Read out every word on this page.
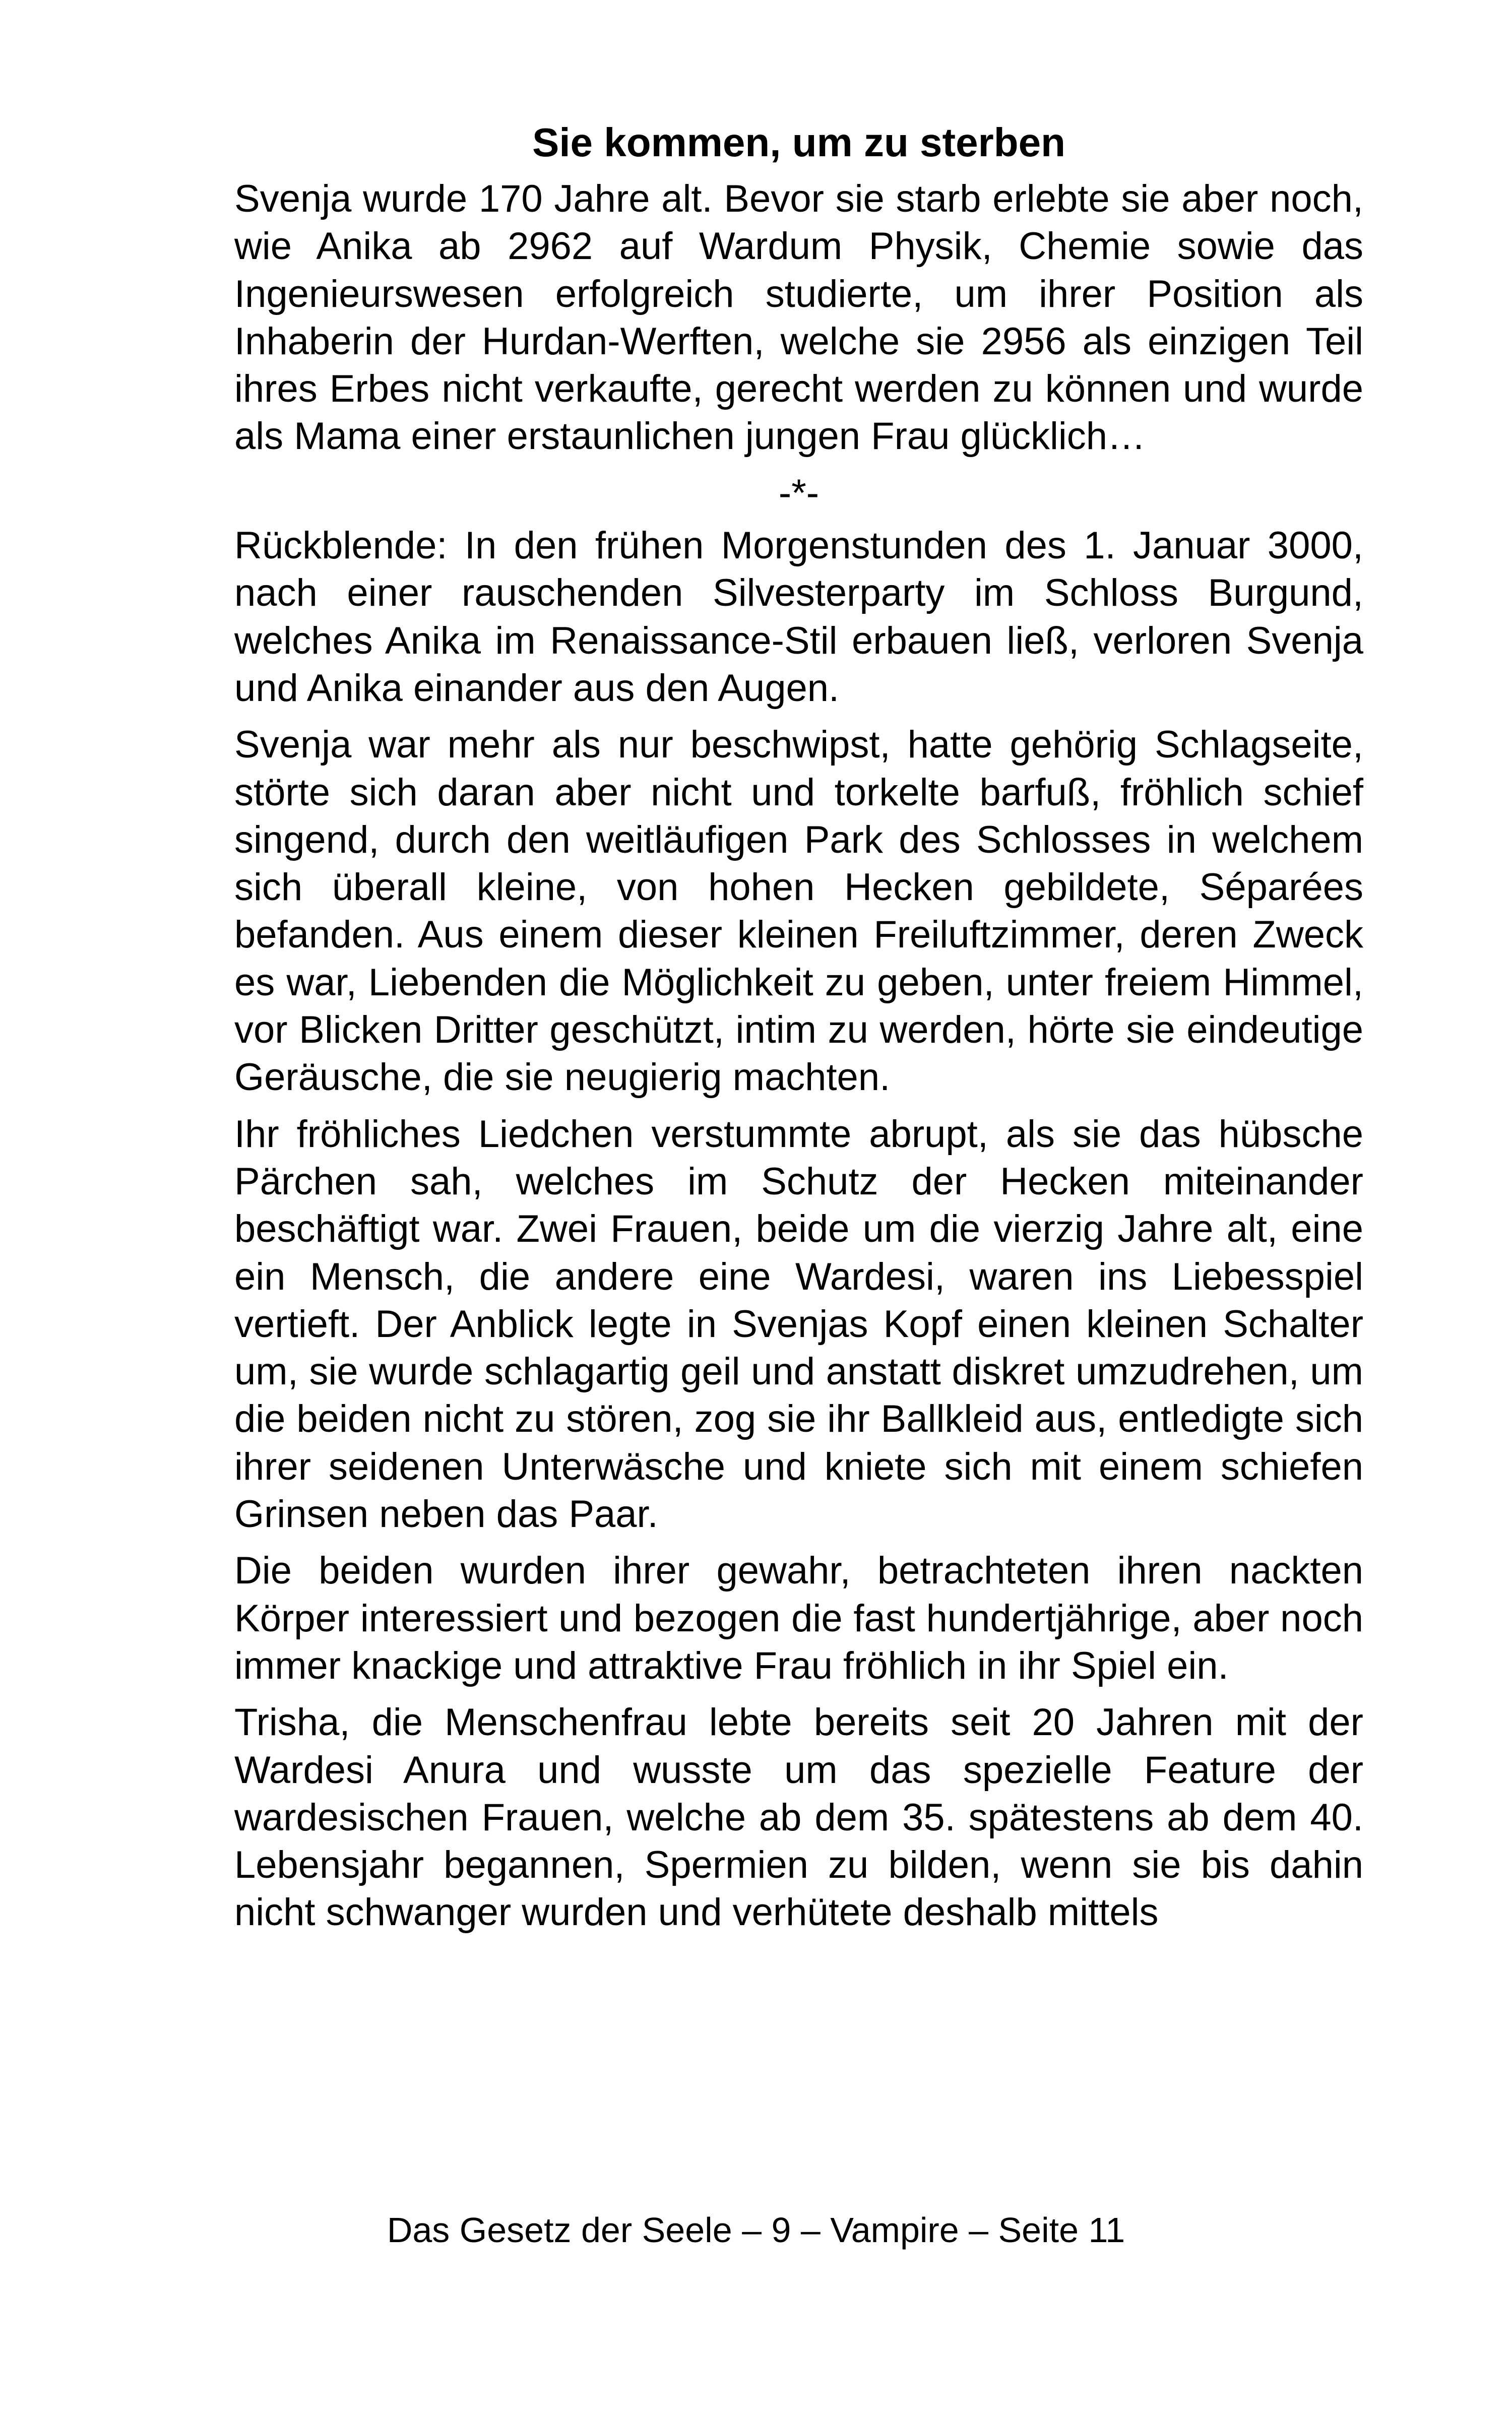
Sie kommen, um zu sterben

Svenja wurde 170 Jahre alt. Bevor sie starb erlebte sie aber noch, wie Anika ab 2962 auf Wardum Physik, Chemie sowie das Ingenieurswesen erfolgreich studierte, um ihrer Position als Inhaberin der Hurdan-Werften, welche sie 2956 als einzigen Teil ihres Erbes nicht verkaufte, gerecht werden zu können und wurde als Mama einer erstaunlichen jungen Frau glücklich…

-*-

Rückblende: In den frühen Morgenstunden des 1. Januar 3000, nach einer rauschenden Silvesterparty im Schloss Burgund, welches Anika im Renaissance-Stil erbauen ließ, verloren Svenja und Anika einander aus den Augen.

Svenja war mehr als nur beschwipst, hatte gehörig Schlagseite, störte sich daran aber nicht und torkelte barfuß, fröhlich schief singend, durch den weitläufigen Park des Schlosses in welchem sich überall kleine, von hohen Hecken gebildete, Séparées befanden. Aus einem dieser kleinen Freiluftzimmer, deren Zweck es war, Liebenden die Möglichkeit zu geben, unter freiem Himmel, vor Blicken Dritter geschützt, intim zu werden, hörte sie eindeutige Geräusche, die sie neugierig machten.

Ihr fröhliches Liedchen verstummte abrupt, als sie das hübsche Pärchen sah, welches im Schutz der Hecken miteinander beschäftigt war. Zwei Frauen, beide um die vierzig Jahre alt, eine ein Mensch, die andere eine Wardesi, waren ins Liebesspiel vertieft. Der Anblick legte in Svenjas Kopf einen kleinen Schalter um, sie wurde schlagartig geil und anstatt diskret umzudrehen, um die beiden nicht zu stören, zog sie ihr Ballkleid aus, entledigte sich ihrer seidenen Unterwäsche und kniete sich mit einem schiefen Grinsen neben das Paar.

Die beiden wurden ihrer gewahr, betrachteten ihren nackten Körper interessiert und bezogen die fast hundertjährige, aber noch immer knackige und attraktive Frau fröhlich in ihr Spiel ein.

Trisha, die Menschenfrau lebte bereits seit 20 Jahren mit der Wardesi Anura und wusste um das spezielle Feature der wardesischen Frauen, welche ab dem 35. spätestens ab dem 40. Lebensjahr begannen, Spermien zu bilden, wenn sie bis dahin nicht schwanger wurden und verhütete deshalb mittels

Das Gesetz der Seele – 9 – Vampire – Seite 11
